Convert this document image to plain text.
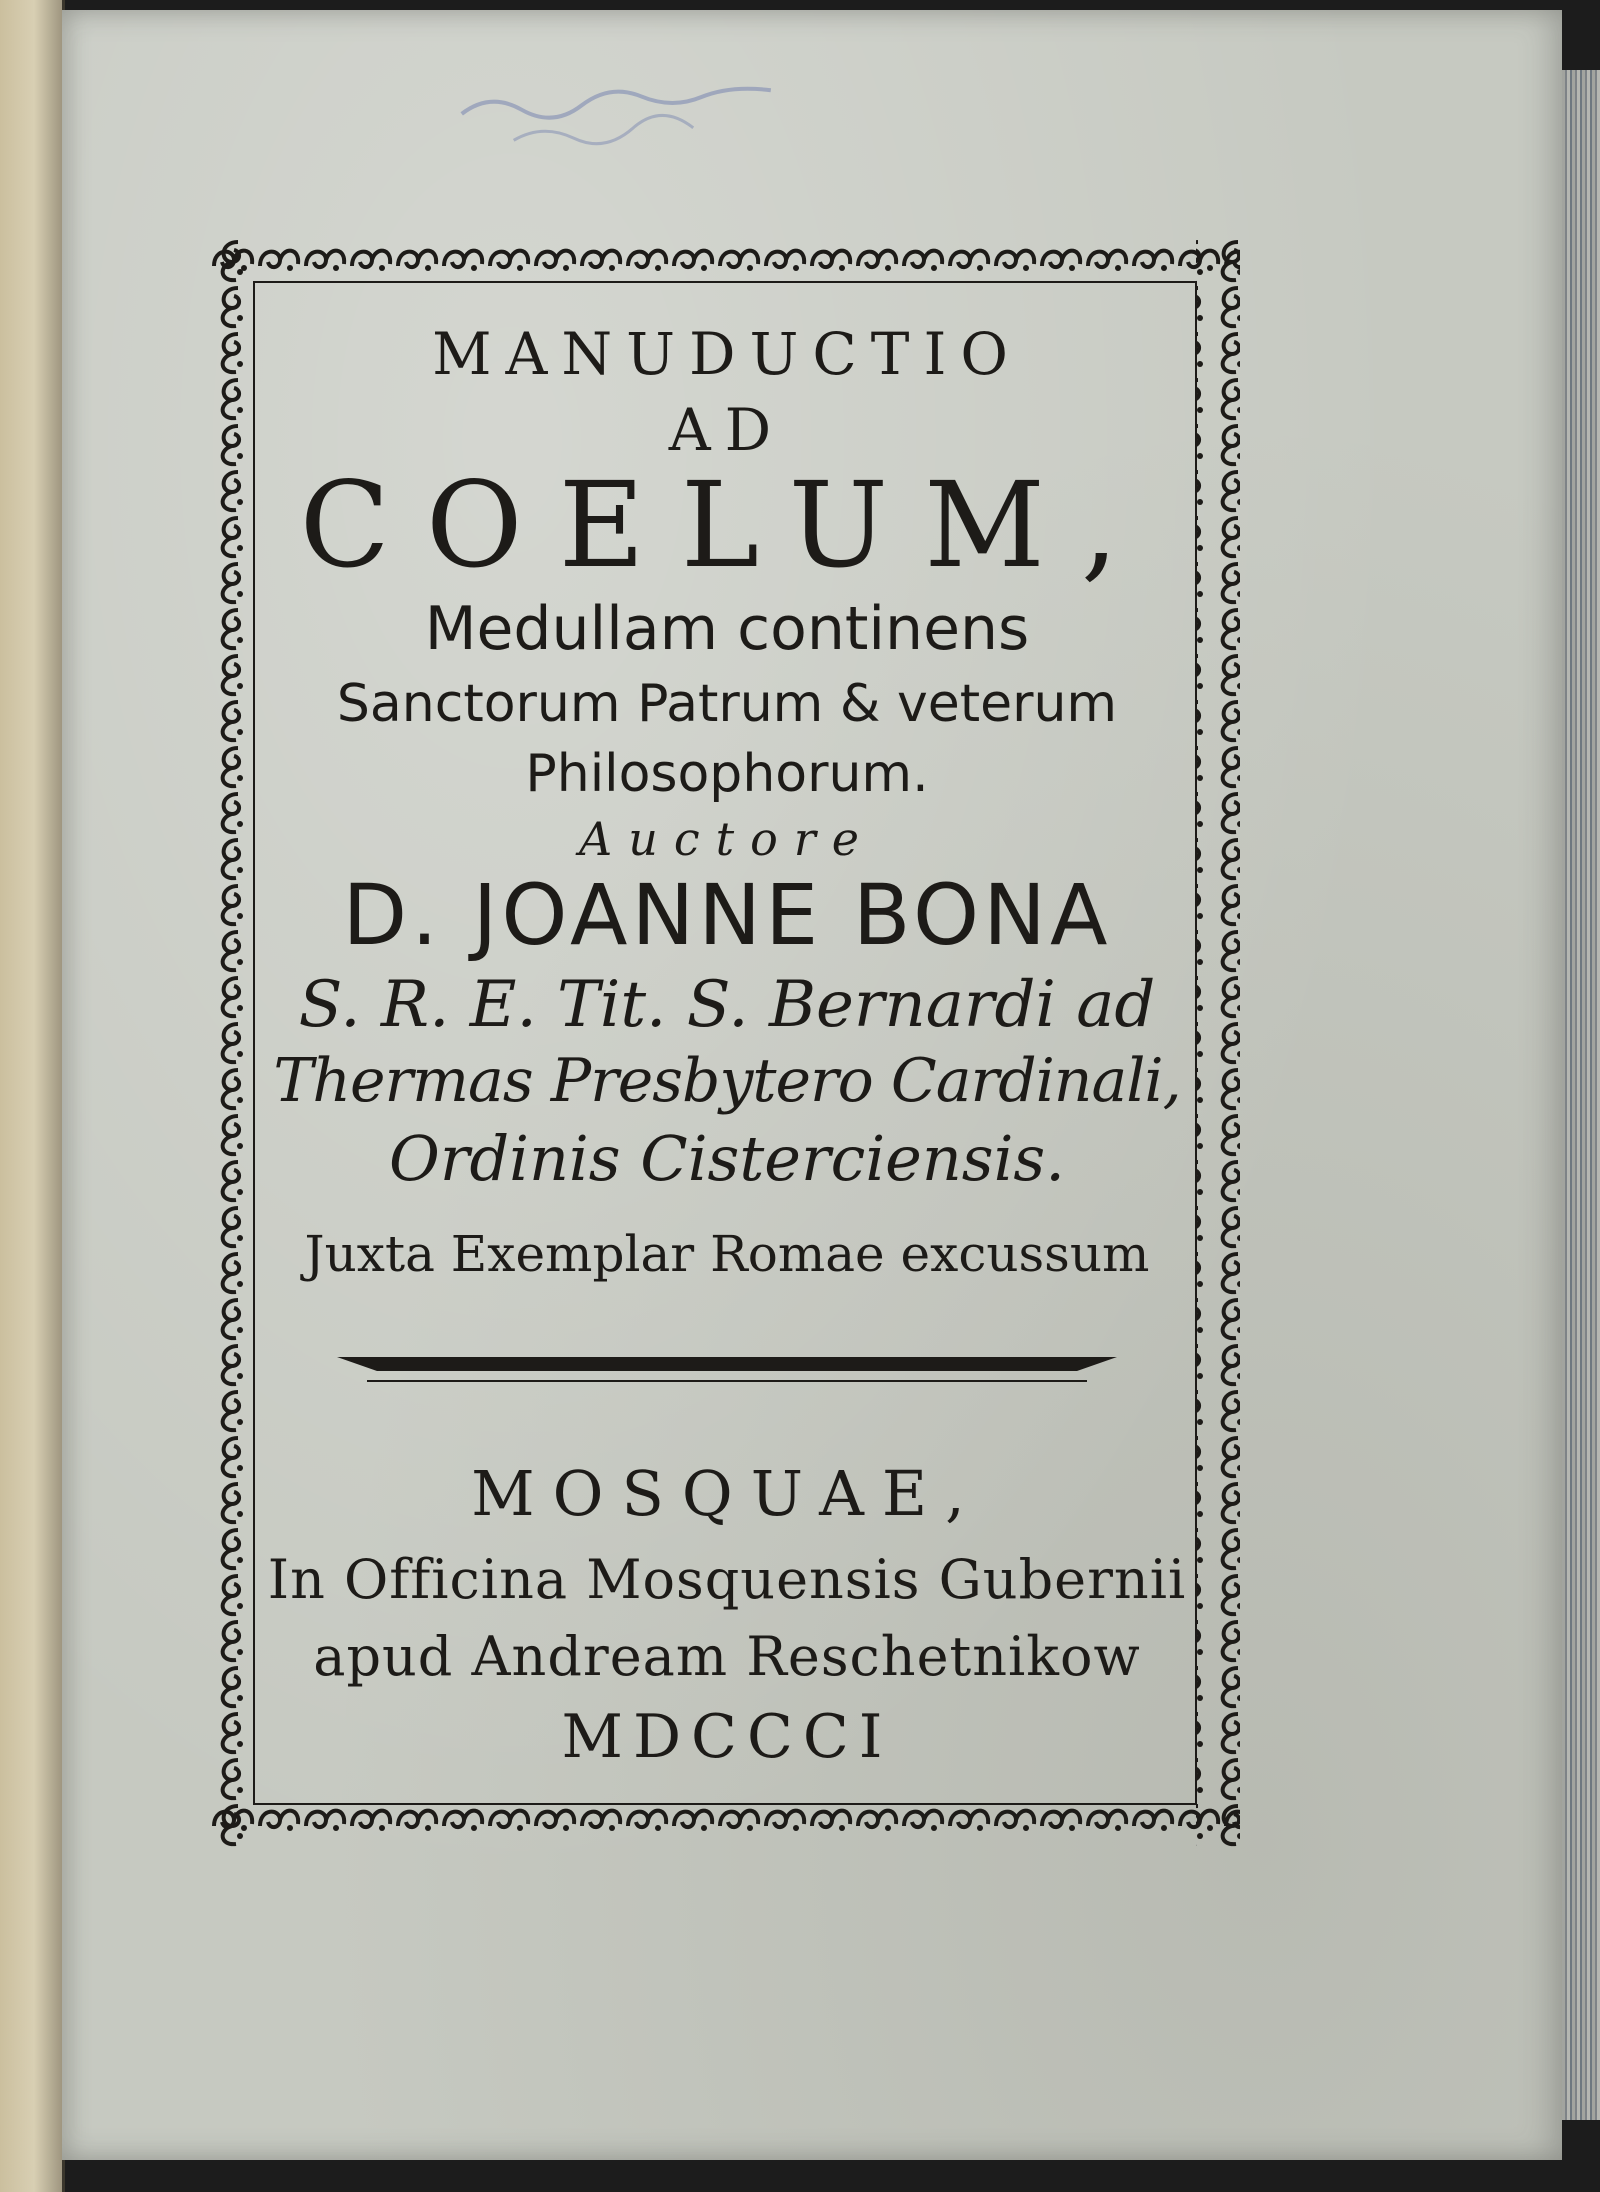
MANUDUCTIO
AD
COELUM,
Medullam continens
Sanctorum Patrum & veterum
Philosophorum.
Auctore
D. JOANNE BONA
S. R. E. Tit. S. Bernardi ad
Thermas Presbytero Cardinali,
Ordinis Cisterciensis.
Juxta Exemplar Romae excussum
MOSQUAE,
In Officina Mosquensis Gubernii
apud Andream Reschetnikow
MDCCCI
